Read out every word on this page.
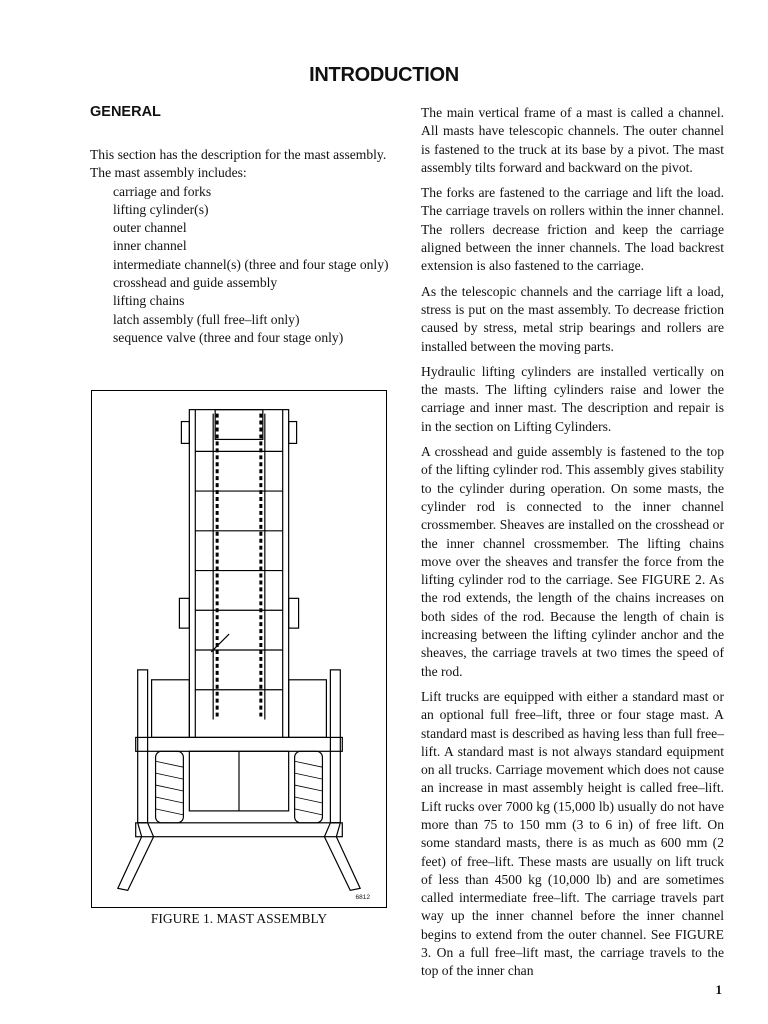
INTRODUCTION
GENERAL
This section has the description for the mast assembly. The mast assembly includes:
carriage and forks
lifting cylinder(s)
outer channel
inner channel
intermediate channel(s) (three and four stage only)
crosshead and guide assembly
lifting chains
latch assembly (full free–lift only)
sequence valve (three and four stage only)
6812
FIGURE 1. MAST ASSEMBLY

The main vertical frame of a mast is called a channel. All masts have telescopic channels. The outer channel is fastened to the truck at its base by a pivot. The mast assembly tilts forward and backward on the pivot.

The forks are fastened to the carriage and lift the load. The carriage travels on rollers within the inner channel. The rollers decrease friction and keep the carriage aligned between the inner channels. The load backrest extension is also fastened to the carriage.

As the telescopic channels and the carriage lift a load, stress is put on the mast assembly. To decrease friction caused by stress, metal strip bearings and rollers are installed between the moving parts.

Hydraulic lifting cylinders are installed vertically on the masts. The lifting cylinders raise and lower the carriage and inner mast. The description and repair is in the section on Lifting Cylinders.

A crosshead and guide assembly is fastened to the top of the lifting cylinder rod. This assembly gives stability to the cylinder during operation. On some masts, the cylinder rod is connected to the inner channel crossmember. Sheaves are installed on the crosshead or the inner channel crossmember. The lifting chains move over the sheaves and transfer the force from the lifting cylinder rod to the carriage. See FIGURE 2. As the rod extends, the length of the chains increases on both sides of the rod. Because the length of chain is increasing between the lifting cylinder anchor and the sheaves, the carriage travels at two times the speed of the rod.

Lift trucks are equipped with either a standard mast or an optional full free–lift, three or four stage mast. A standard mast is described as having less than full free–lift. A standard mast is not always standard equipment on all trucks. Carriage movement which does not cause an increase in mast assembly height is called free–lift. Lift rucks over 7000 kg (15,000 lb) usually do not have more than 75 to 150 mm (3 to 6 in) of free lift. On some standard masts, there is as much as 600 mm (2 feet) of free–lift. These masts are usually on lift truck of less than 4500 kg (10,000 lb) and are sometimes called intermediate free–lift. The carriage travels part way up the inner channel before the inner channel begins to extend from the outer channel. See FIGURE 3. On a full free–lift mast, the carriage travels to the top of the inner chan

1
